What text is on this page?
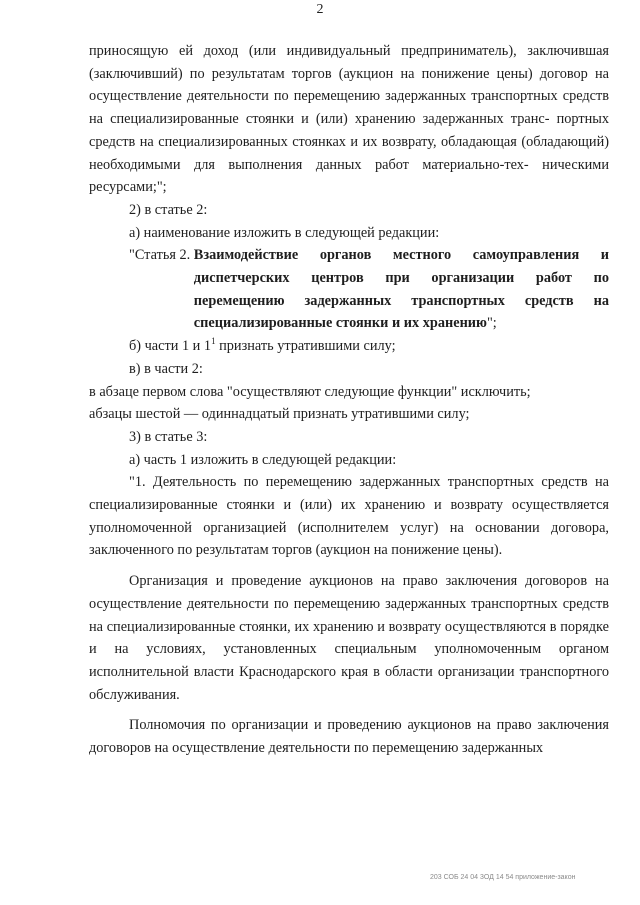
2

приносящую ей доход (или индивидуальный предприниматель), заключившая (заключивший) по результатам торгов (аукцион на понижение цены) договор на осуществление деятельности по перемещению задержанных транспортных средств на специализированные стоянки и (или) хранению задержанных транс- портных средств на специализированных стоянках и их возврату, обладающая (обладающий) необходимыми для выполнения данных работ материально-тех- ническими ресурсами;";

2) в статье 2:

а) наименование изложить в следующей редакции:

"Статья 2. Взаимодействие органов местного самоуправления и диспетчерских центров при организации работ по перемещению задержанных транспортных средств на специализированные стоянки и их хранению";

б) части 1 и $1^1$ признать утратившими силу;

в) в части 2:

в абзаце первом слова "осуществляют следующие функции" исключить;

абзацы шестой — одиннадцатый признать утратившими силу;

3) в статье 3:

а) часть 1 изложить в следующей редакции:

"1. Деятельность по перемещению задержанных транспортных средств на специализированные стоянки и (или) их хранению и возврату осуществляется уполномоченной организацией (исполнителем услуг) на основании договора, заключенного по результатам торгов (аукцион на понижение цены).

Организация и проведение аукционов на право заключения договоров на осуществление деятельности по перемещению задержанных транспортных средств на специализированные стоянки, их хранению и возврату осуществляются в порядке и на условиях, установленных специальным уполномоченным органом исполнительной власти Краснодарского края в области организации транспортного обслуживания.

Полномочия по организации и проведению аукционов на право заключения договоров на осуществление деятельности по перемещению задержанных

203 СОБ 24 04 3ОД 14 54 приложение-закон
